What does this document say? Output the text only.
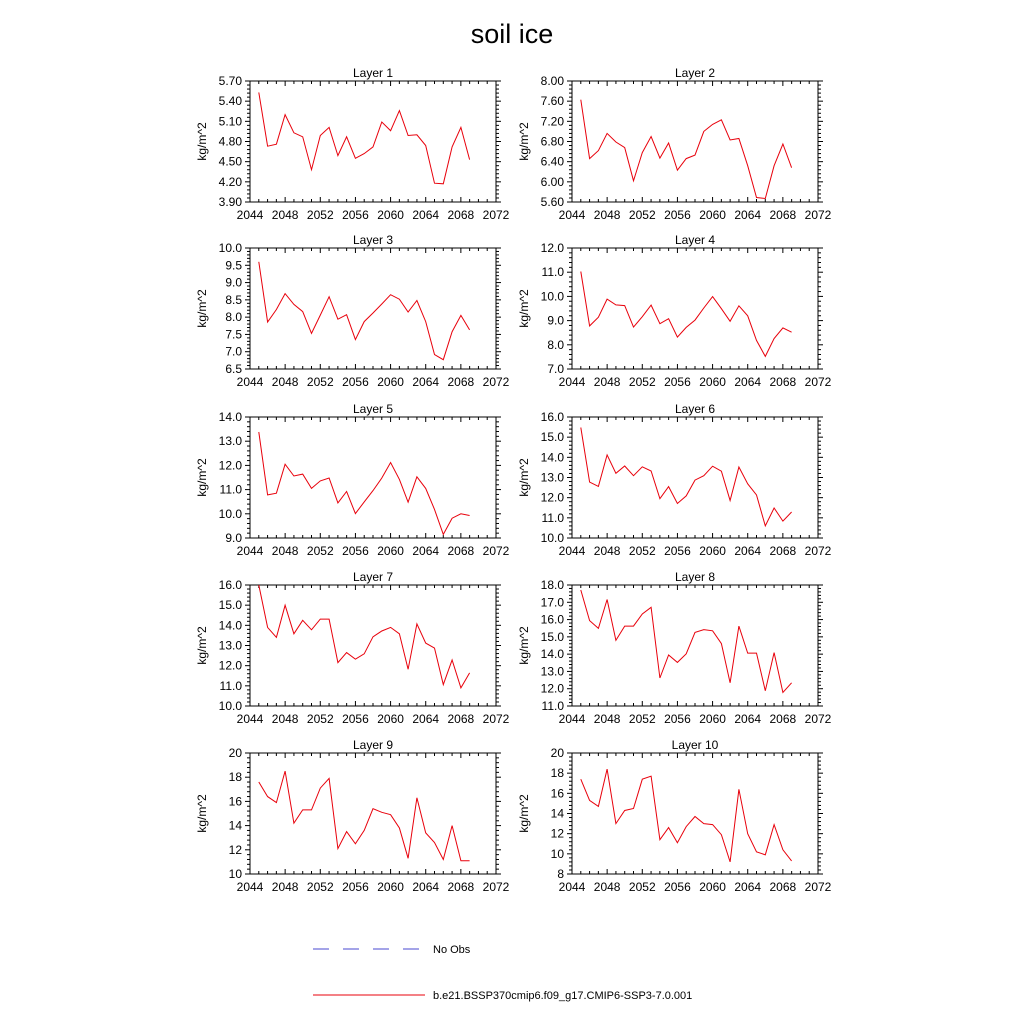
soil ice
Layer 1
kg/m^2
2044 2048 2052 2056 2060 2064 2068 2072
3.90
4.20
4.50
4.80
5.10
5.40
5.70
Layer 2
kg/m^2
2044 2048 2052 2056 2060 2064 2068 2072
5.60
6.00
6.40
6.80
7.20
7.60
8.00
Layer 3
kg/m^2
2044 2048 2052 2056 2060 2064 2068 2072
6.5
7.0
7.5
8.0
8.5
9.0
9.5
10.0
Layer 4
kg/m^2
2044 2048 2052 2056 2060 2064 2068 2072
7.0
8.0
9.0
10.0
11.0
12.0
Layer 5
kg/m^2
2044 2048 2052 2056 2060 2064 2068 2072
9.0
10.0
11.0
12.0
13.0
14.0
Layer 6
kg/m^2
2044 2048 2052 2056 2060 2064 2068 2072
10.0
11.0
12.0
13.0
14.0
15.0
16.0
Layer 7
kg/m^2
2044 2048 2052 2056 2060 2064 2068 2072
10.0
11.0
12.0
13.0
14.0
15.0
16.0
Layer 8
kg/m^2
2044 2048 2052 2056 2060 2064 2068 2072
11.0
12.0
13.0
14.0
15.0
16.0
17.0
18.0
Layer 9
kg/m^2
2044 2048 2052 2056 2060 2064 2068 2072
10
12
14
16
18
20
Layer 10
kg/m^2
2044 2048 2052 2056 2060 2064 2068 2072
8
10
12
14
16
18
20
No Obs
b.e21.BSSP370cmip6.f09_g17.CMIP6-SSP3-7.0.001
